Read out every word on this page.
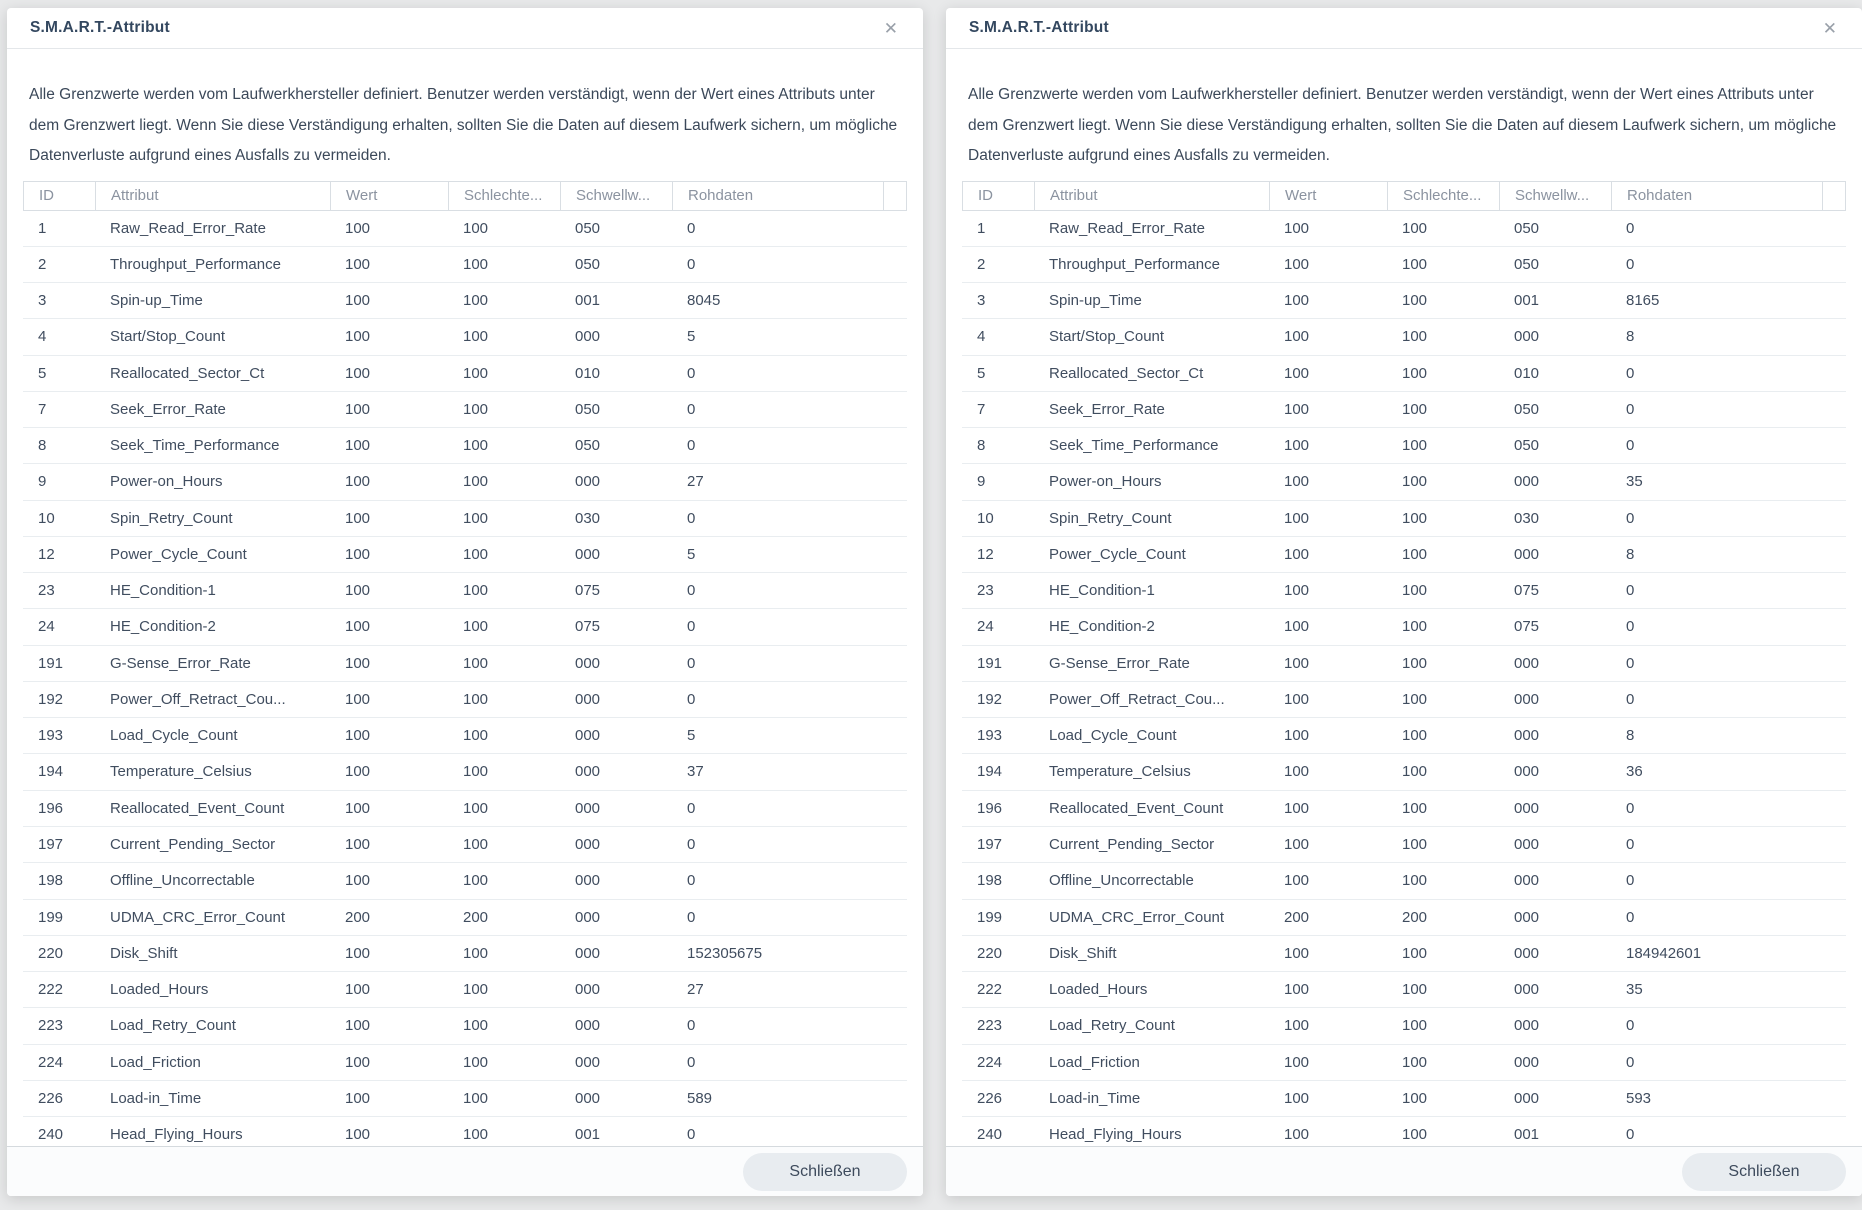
S.M.A.R.T.-Attribut	✕

Alle Grenzwerte werden vom Laufwerkhersteller definiert. Benutzer werden verständigt, wenn der Wert eines Attributs unter dem Grenzwert liegt. Wenn Sie diese Verständigung erhalten, sollten Sie die Daten auf diesem Laufwerk sichern, um mögliche Datenverluste aufgrund eines Ausfalls zu vermeiden.

ID	Attribut	Wert	Schlechte...	Schwellw...	Rohdaten
1	Raw_Read_Error_Rate	100	100	050	0
2	Throughput_Performance	100	100	050	0
3	Spin-up_Time	100	100	001	8045
4	Start/Stop_Count	100	100	000	5
5	Reallocated_Sector_Ct	100	100	010	0
7	Seek_Error_Rate	100	100	050	0
8	Seek_Time_Performance	100	100	050	0
9	Power-on_Hours	100	100	000	27
10	Spin_Retry_Count	100	100	030	0
12	Power_Cycle_Count	100	100	000	5
23	HE_Condition-1	100	100	075	0
24	HE_Condition-2	100	100	075	0
191	G-Sense_Error_Rate	100	100	000	0
192	Power_Off_Retract_Cou...	100	100	000	0
193	Load_Cycle_Count	100	100	000	5
194	Temperature_Celsius	100	100	000	37
196	Reallocated_Event_Count	100	100	000	0
197	Current_Pending_Sector	100	100	000	0
198	Offline_Uncorrectable	100	100	000	0
199	UDMA_CRC_Error_Count	200	200	000	0
220	Disk_Shift	100	100	000	152305675
222	Loaded_Hours	100	100	000	27
223	Load_Retry_Count	100	100	000	0
224	Load_Friction	100	100	000	0
226	Load-in_Time	100	100	000	589
240	Head_Flying_Hours	100	100	001	0
Schließen
S.M.A.R.T.-Attribut	✕

Alle Grenzwerte werden vom Laufwerkhersteller definiert. Benutzer werden verständigt, wenn der Wert eines Attributs unter dem Grenzwert liegt. Wenn Sie diese Verständigung erhalten, sollten Sie die Daten auf diesem Laufwerk sichern, um mögliche Datenverluste aufgrund eines Ausfalls zu vermeiden.

ID	Attribut	Wert	Schlechte...	Schwellw...	Rohdaten
1	Raw_Read_Error_Rate	100	100	050	0
2	Throughput_Performance	100	100	050	0
3	Spin-up_Time	100	100	001	8165
4	Start/Stop_Count	100	100	000	8
5	Reallocated_Sector_Ct	100	100	010	0
7	Seek_Error_Rate	100	100	050	0
8	Seek_Time_Performance	100	100	050	0
9	Power-on_Hours	100	100	000	35
10	Spin_Retry_Count	100	100	030	0
12	Power_Cycle_Count	100	100	000	8
23	HE_Condition-1	100	100	075	0
24	HE_Condition-2	100	100	075	0
191	G-Sense_Error_Rate	100	100	000	0
192	Power_Off_Retract_Cou...	100	100	000	0
193	Load_Cycle_Count	100	100	000	8
194	Temperature_Celsius	100	100	000	36
196	Reallocated_Event_Count	100	100	000	0
197	Current_Pending_Sector	100	100	000	0
198	Offline_Uncorrectable	100	100	000	0
199	UDMA_CRC_Error_Count	200	200	000	0
220	Disk_Shift	100	100	000	184942601
222	Loaded_Hours	100	100	000	35
223	Load_Retry_Count	100	100	000	0
224	Load_Friction	100	100	000	0
226	Load-in_Time	100	100	000	593
240	Head_Flying_Hours	100	100	001	0
Schließen
